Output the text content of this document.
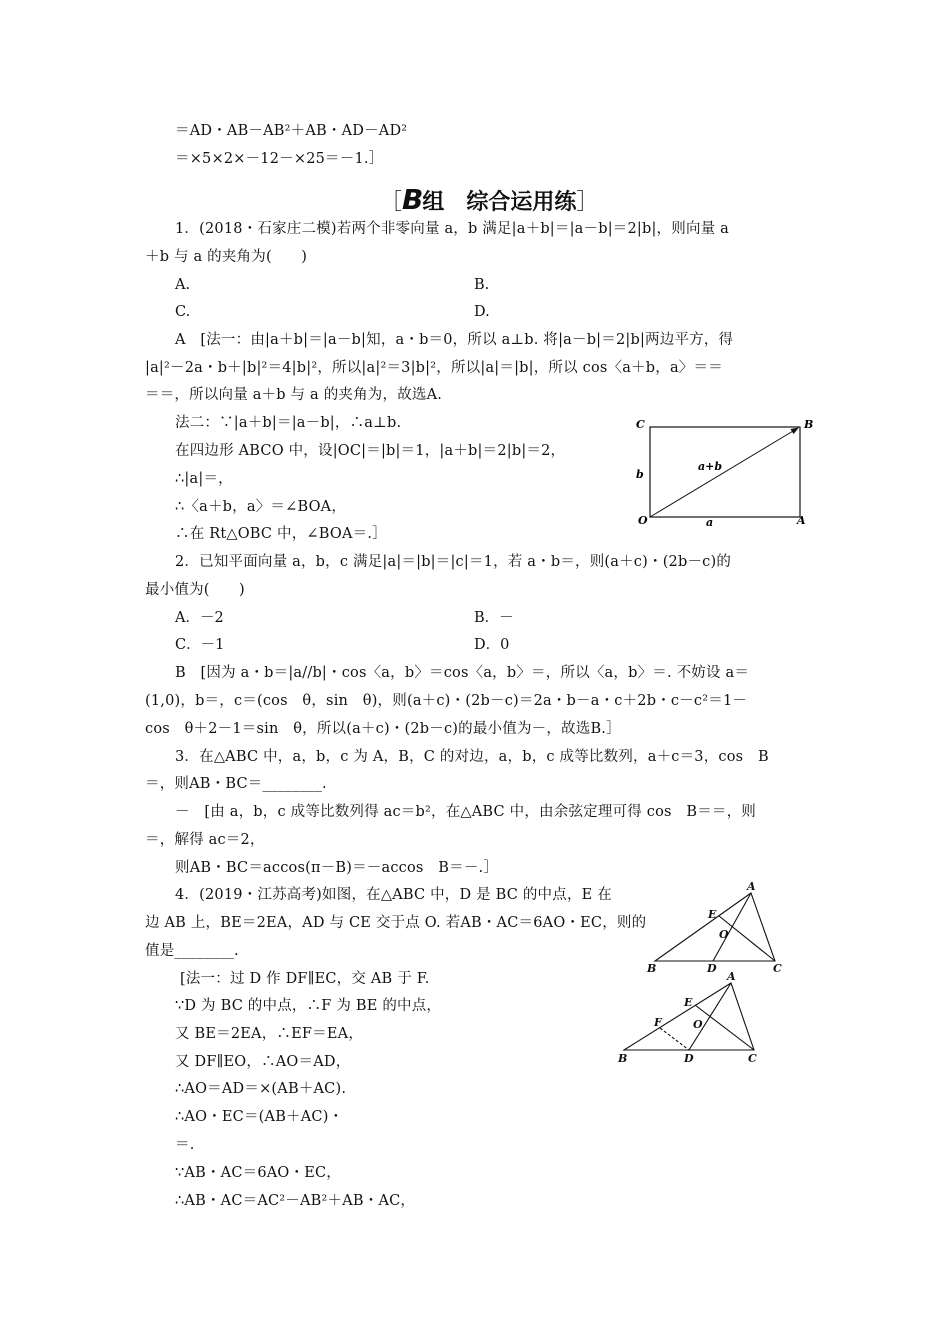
＝AD・AB－AB²＋AB・AD－AD²
＝×5×2×－12－×25＝－1.］
［B组　综合运用练］
1．(2018・石家庄二模)若两个非零向量 a，b 满足|a＋b|＝|a－b|＝2|b|，则向量 a
＋b 与 a 的夹角为(　　)
A.	B.
C.	D.
A　[法一：由|a＋b|＝|a－b|知，a・b＝0，所以 a⊥b. 将|a－b|＝2|b|两边平方，得
|a|²－2a・b＋|b|²＝4|b|²，所以|a|²＝3|b|²，所以|a|＝|b|，所以 cos〈a＋b，a〉＝＝
＝＝，所以向量 a＋b 与 a 的夹角为，故选A.
法二：∵|a＋b|＝|a－b|，∴a⊥b.
在四边形 ABCO 中，设|OC|＝|b|＝1，|a＋b|＝2|b|＝2，
∴|a|＝，
∴〈a＋b，a〉＝∠BOA，
∴在 Rt△OBC 中，∠BOA＝.］
2．已知平面向量 a，b，c 满足|a|＝|b|＝|c|＝1，若 a・b＝，则(a＋c)・(2b－c)的
最小值为(　　)
A．－2	B．－
C．－1	D．0
B　[因为 a・b＝|a//b|・cos〈a，b〉＝cos〈a，b〉＝，所以〈a，b〉＝. 不妨设 a＝
(1,0)，b＝，c＝(cos　θ，sin　θ)，则(a＋c)・(2b－c)＝2a・b－a・c＋2b・c－c²＝1－
cos　θ＋2－1＝sin　θ，所以(a＋c)・(2b－c)的最小值为－，故选B.］
3．在△ABC 中，a，b，c 为 A，B，C 的对边，a，b，c 成等比数列，a＋c＝3，cos　B
＝，则AB・BC＝________.
－　[由 a，b，c 成等比数列得 ac＝b²，在△ABC 中，由余弦定理可得 cos　B＝＝，则
＝，解得 ac＝2，
则AB・BC＝accos(π－B)＝－accos　B＝－.］
4．(2019・江苏高考)如图，在△ABC 中，D 是 BC 的中点，E 在
边 AB 上，BE＝2EA，AD 与 CE 交于点 O. 若AB・AC＝6AO・EC，则的
值是________.
[法一：过 D 作 DF∥EC，交 AB 于 F.
∵D 为 BC 的中点，∴F 为 BE 的中点，
又 BE＝2EA，∴EF＝EA，
又 DF∥EO，∴AO＝AD，
∴AO＝AD＝×(AB＋AC).
∴AO・EC＝(AB＋AC)・
＝.
∵AB・AC＝6AO・EC，
∴AB・AC＝AC²－AB²＋AB・AC，
C	B
O	A
b
a
a+b
A
E
O
B	D	C
A
E
O
F
B	D	C
